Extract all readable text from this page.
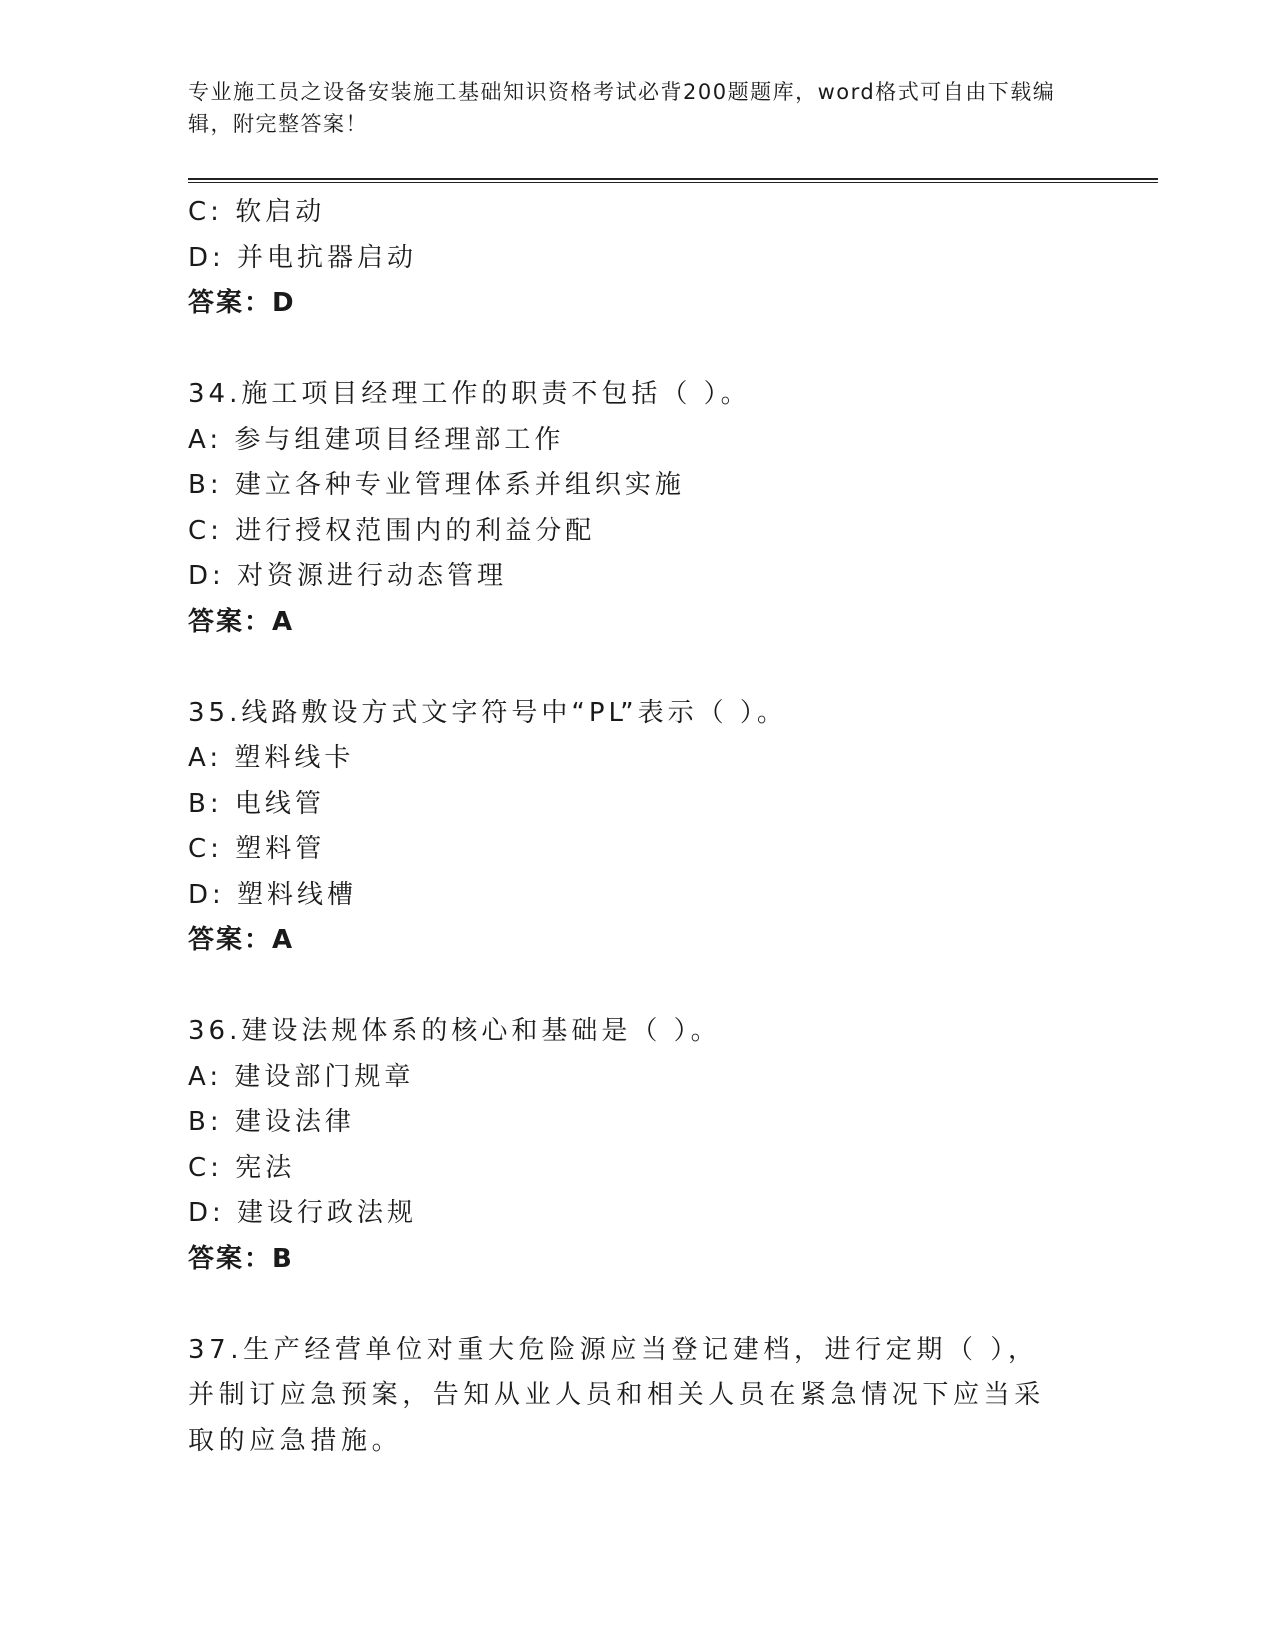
专业施工员之设备安装施工基础知识资格考试必背200题题库，word格式可自由下载编辑，附完整答案！
C: 软启动
D: 并电抗器启动
答案：D
34.施工项目经理工作的职责不包括（ ）。
A: 参与组建项目经理部工作
B: 建立各种专业管理体系并组织实施
C: 进行授权范围内的利益分配
D: 对资源进行动态管理
答案：A
35.线路敷设方式文字符号中“PL”表示（ ）。
A: 塑料线卡
B: 电线管
C: 塑料管
D: 塑料线槽
答案：A
36.建设法规体系的核心和基础是（ ）。
A: 建设部门规章
B: 建设法律
C: 宪法
D: 建设行政法规
答案：B
37.生产经营单位对重大危险源应当登记建档，进行定期（ ），并制订应急预案，告知从业人员和相关人员在紧急情况下应当采取的应急措施。
